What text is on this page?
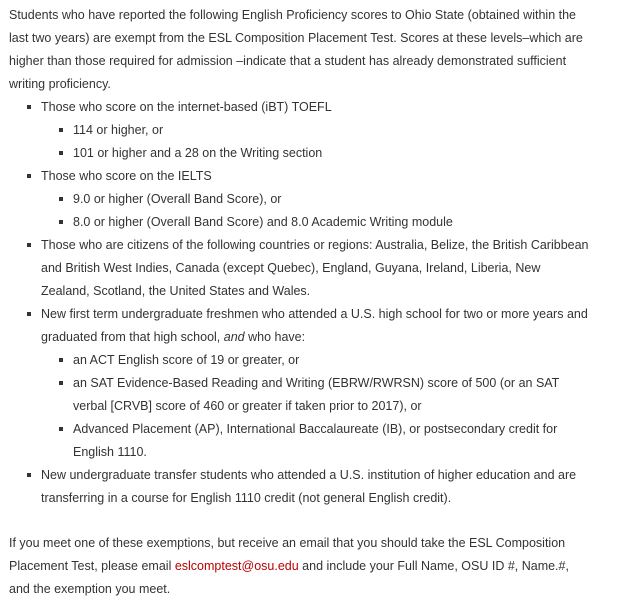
Students who have reported the following English Proficiency scores to Ohio State (obtained within the last two years) are exempt from the ESL Composition Placement Test. Scores at these levels–which are higher than those required for admission –indicate that a student has already demonstrated sufficient writing proficiency.

Those who score on the internet-based (iBT) TOEFL
114 or higher, or
101 or higher and a 28 on the Writing section
Those who score on the IELTS
9.0 or higher (Overall Band Score), or
8.0 or higher (Overall Band Score) and 8.0 Academic Writing module
Those who are citizens of the following countries or regions: Australia, Belize, the British Caribbean and British West Indies, Canada (except Quebec), England, Guyana, Ireland, Liberia, New Zealand, Scotland, the United States and Wales.
New first term undergraduate freshmen who attended a U.S. high school for two or more years and graduated from that high school, and who have:
an ACT English score of 19 or greater, or
an SAT Evidence-Based Reading and Writing (EBRW/RWRSN) score of 500 (or an SAT verbal [CRVB] score of 460 or greater if taken prior to 2017), or
Advanced Placement (AP), International Baccalaureate (IB), or postsecondary credit for English 1110.
New undergraduate transfer students who attended a U.S. institution of higher education and are transferring in a course for English 1110 credit (not general English credit).

If you meet one of these exemptions, but receive an email that you should take the ESL Composition Placement Test, please email eslcomptest@osu.edu and include your Full Name, OSU ID #, Name.#, and the exemption you meet.
